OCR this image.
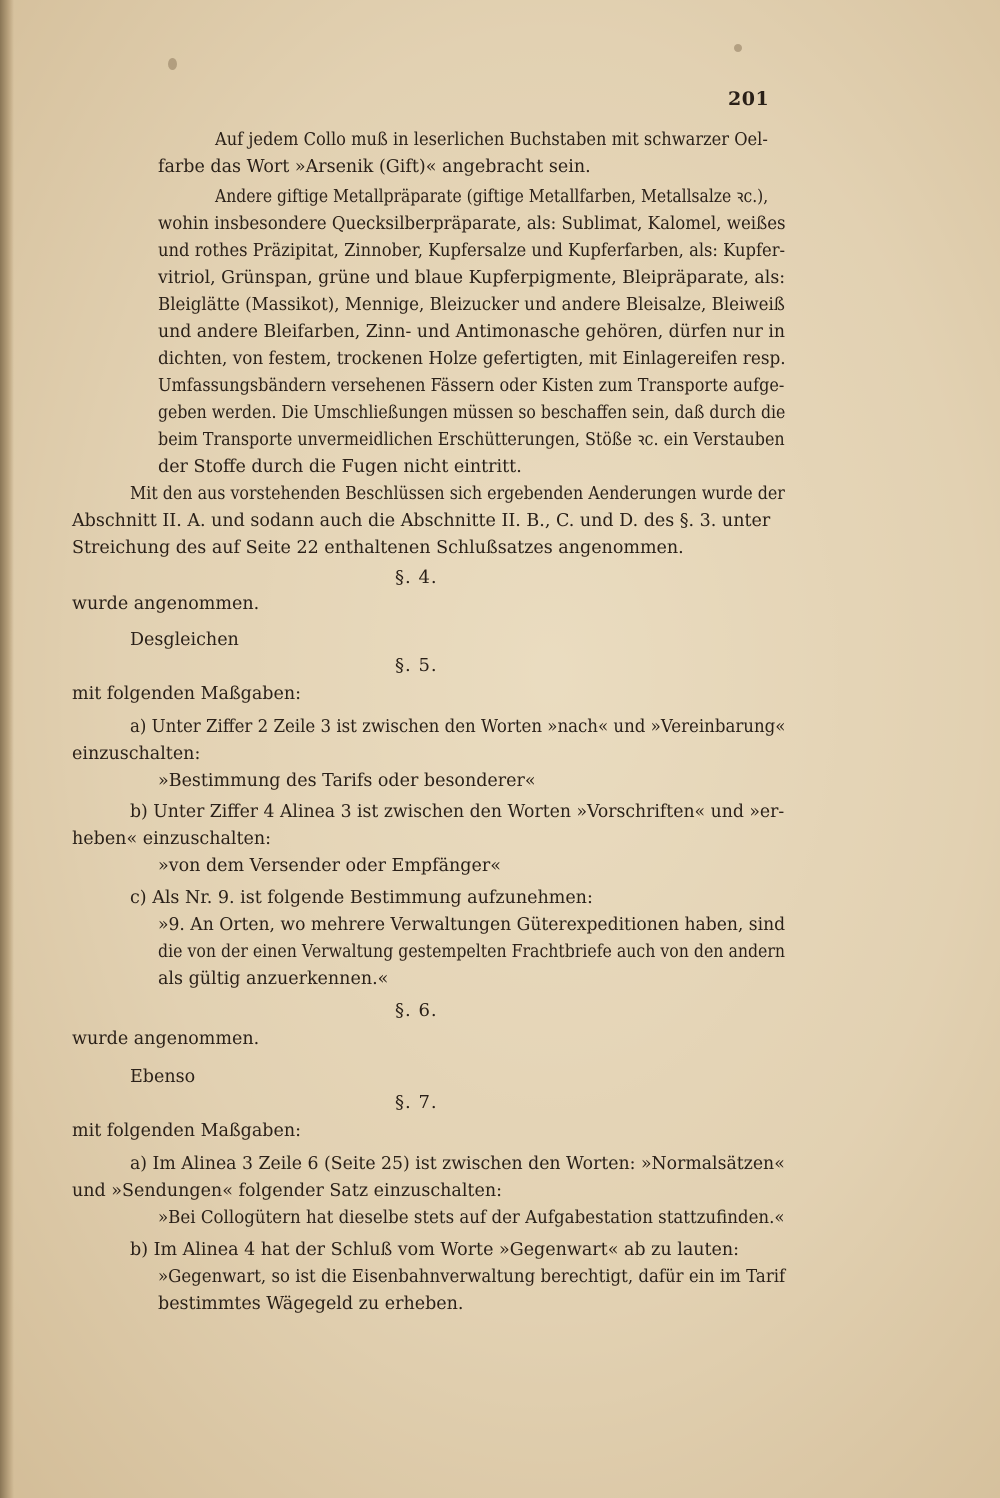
201
Auf jedem Collo muß in leserlichen Buchstaben mit schwarzer Oel-
farbe das Wort »Arsenik (Gift)« angebracht sein.
Andere giftige Metallpräparate (giftige Metallfarben, Metallsalze ꝛc.),
wohin insbesondere Quecksilberpräparate, als: Sublimat, Kalomel, weißes
und rothes Präzipitat, Zinnober, Kupfersalze und Kupferfarben, als: Kupfer-
vitriol, Grünspan, grüne und blaue Kupferpigmente, Bleipräparate, als:
Bleiglätte (Massikot), Mennige, Bleizucker und andere Bleisalze, Bleiweiß
und andere Bleifarben, Zinn- und Antimonasche gehören, dürfen nur in
dichten, von festem, trockenen Holze gefertigten, mit Einlagereifen resp.
Umfassungsbändern versehenen Fässern oder Kisten zum Transporte aufge-
geben werden. Die Umschließungen müssen so beschaffen sein, daß durch die
beim Transporte unvermeidlichen Erschütterungen, Stöße ꝛc. ein Verstauben
der Stoffe durch die Fugen nicht eintritt.
Mit den aus vorstehenden Beschlüssen sich ergebenden Aenderungen wurde der
Abschnitt II. A. und sodann auch die Abschnitte II. B., C. und D. des §. 3. unter
Streichung des auf Seite 22 enthaltenen Schlußsatzes angenommen.
§. 4.
wurde angenommen.
Desgleichen
§. 5.
mit folgenden Maßgaben:
a) Unter Ziffer 2 Zeile 3 ist zwischen den Worten »nach« und »Vereinbarung«
einzuschalten:
»Bestimmung des Tarifs oder besonderer«
b) Unter Ziffer 4 Alinea 3 ist zwischen den Worten »Vorschriften« und »er-
heben« einzuschalten:
»von dem Versender oder Empfänger«
c) Als Nr. 9. ist folgende Bestimmung aufzunehmen:
»9. An Orten, wo mehrere Verwaltungen Güterexpeditionen haben, sind
die von der einen Verwaltung gestempelten Frachtbriefe auch von den andern
als gültig anzuerkennen.«
§. 6.
wurde angenommen.
Ebenso
§. 7.
mit folgenden Maßgaben:
a) Im Alinea 3 Zeile 6 (Seite 25) ist zwischen den Worten: »Normalsätzen«
und »Sendungen« folgender Satz einzuschalten:
»Bei Collogütern hat dieselbe stets auf der Aufgabestation stattzufinden.«
b) Im Alinea 4 hat der Schluß vom Worte »Gegenwart« ab zu lauten:
»Gegenwart, so ist die Eisenbahnverwaltung berechtigt, dafür ein im Tarif
bestimmtes Wägegeld zu erheben.
